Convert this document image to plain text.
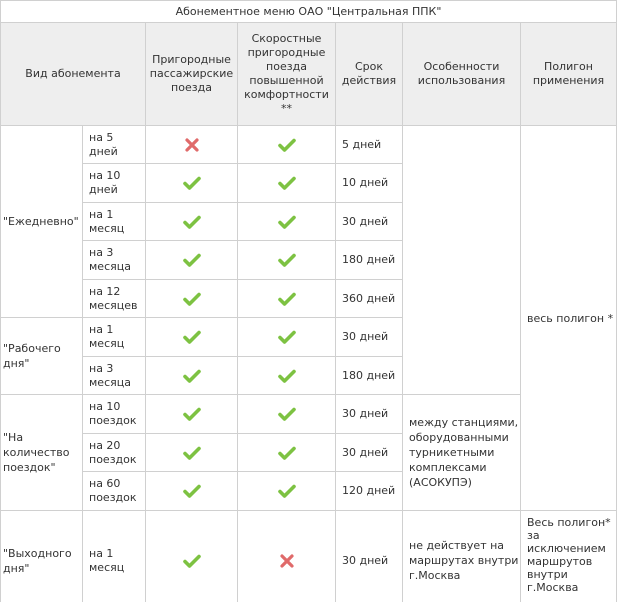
Абонементное меню ОАО "Центральная ППК"						
Вид абонемента		Пригородные пассажирские поезда	Скоростные пригородные поезда повышенной комфортности **	Срок действия	Особенности использования	Полигон применения
"Ежедневно"	на 5 дней			5 дней		весь полигон *
	на 10 дней			10 дней		
	на 1 месяц			30 дней		
	на 3 месяца			180 дней		
	на 12 месяцев			360 дней		
"Рабочего дня"	на 1 месяц			30 дней		
	на 3 месяца			180 дней		
"На количество поездок"	на 10 поездок			30 дней	между станциями, оборудованными турникетными комплексами (АСОКУПЭ)	
	на 20 поездок			30 дней		
	на 60 поездок			120 дней		
"Выходного дня"	на 1 месяц			30 дней	не действует на маршрутах внутри г.Москва	Весь полигон* за исключением маршрутов внутри г.Москва
